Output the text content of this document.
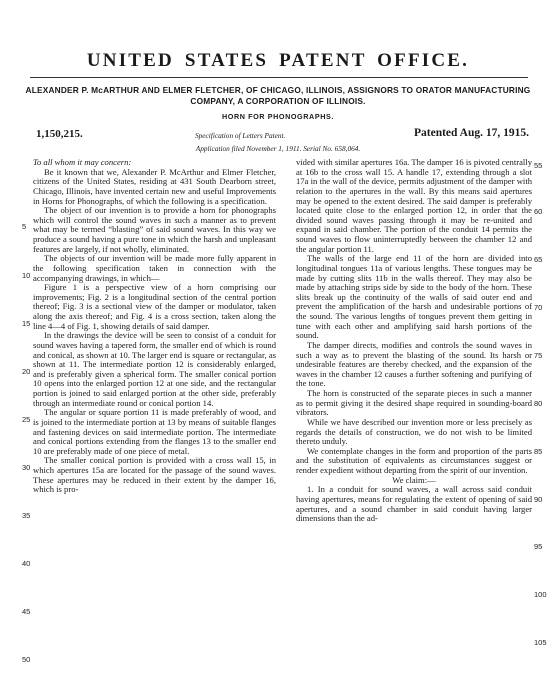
UNITED STATES PATENT OFFICE.
ALEXANDER P. McARTHUR AND ELMER FLETCHER, OF CHICAGO, ILLINOIS, ASSIGNORS TO ORATOR MANUFACTURING COMPANY, A CORPORATION OF ILLINOIS.
HORN FOR PHONOGRAPHS.
1,150,215.	Specification of Letters Patent.	Patented Aug. 17, 1915.
Application filed November 1, 1911. Serial No. 658,064.

To all whom it may concern:

Be it known that we, Alexander P. McArthur and Elmer Fletcher, citizens of the United States, residing at 431 South Dearborn street, Chicago, Illinois, have invented certain new and useful Improvements in Horns for Phonographs, of which the following is a specification.

The object of our invention is to provide a horn for phonographs which will control the sound waves in such a manner as to prevent what may be termed “blasting” of said sound waves. In this way we produce a sound having a pure tone in which the harsh and unpleasant features are largely, if not wholly, eliminated.

The objects of our invention will be made more fully apparent in the following specification taken in connection with the accompanying drawings, in which—

Figure 1 is a perspective view of a horn comprising our improvements; Fig. 2 is a longitudinal section of the central portion thereof; Fig. 3 is a sectional view of the damper or modulator, taken along the axis thereof; and Fig. 4 is a cross section, taken along the line 4—4 of Fig. 1, showing details of said damper.

In the drawings the device will be seen to consist of a conduit for sound waves having a tapered form, the smaller end of which is round and conical, as shown at 10. The larger end is square or rectangular, as shown at 11. The intermediate portion 12 is considerably enlarged, and is preferably given a spherical form. The smaller conical portion 10 opens into the enlarged portion 12 at one side, and the rectangular portion is joined to said enlarged portion at the other side, preferably through an intermediate round or conical portion 14.

The angular or square portion 11 is made preferably of wood, and is joined to the intermediate portion at 13 by means of suitable flanges and fastening devices on said intermediate portion. The intermediate and conical portions extending from the flanges 13 to the smaller end 10 are preferably made of one piece of metal.

The smaller conical portion is provided with a cross wall 15, in which apertures 15a are located for the passage of the sound waves. These apertures may be reduced in their extent by the damper 16, which is pro-

vided with similar apertures 16a. The damper 16 is pivoted centrally at 16b to the cross wall 15. A handle 17, extending through a slot 17a in the wall of the device, permits adjustment of the damper with relation to the apertures in the wall. By this means said apertures may be opened to the extent desired. The said damper is preferably located quite close to the enlarged portion 12, in order that the divided sound waves passing through it may be re-united and expand in said chamber. The portion of the conduit 14 permits the sound waves to flow uninterruptedly between the chamber 12 and the angular portion 11.

The walls of the large end 11 of the horn are divided into longitudinal tongues 11a of various lengths. These tongues may be made by cutting slits 11b in the walls thereof. They may also be made by attaching strips side by side to the body of the horn. These slits break up the continuity of the walls of said outer end and prevent the amplification of the harsh and undesirable portions of the sound. The various lengths of tongues prevent them getting in tune with each other and amplifying said harsh portions of the sound.

The damper directs, modifies and controls the sound waves in such a way as to prevent the blasting of the sound. Its harsh or undesirable features are thereby checked, and the expansion of the waves in the chamber 12 causes a further softening and purifying of the tone.

The horn is constructed of the separate pieces in such a manner as to permit giving it the desired shape required in sounding-board vibrators.

While we have described our invention more or less precisely as regards the details of construction, we do not wish to be limited thereto unduly.

We contemplate changes in the form and proportion of the parts and the substitution of equivalents as circumstances suggest or render expedient without departing from the spirit of our invention.

We claim:—

1. In a conduit for sound waves, a wall across said conduit having apertures, means for regulating the extent of opening of said apertures, and a sound chamber in said conduit having larger dimensions than the ad-

5
10
15
20
25
30
35
40
45
50
55
60
65
70
75
80
85
90
95
100
105
